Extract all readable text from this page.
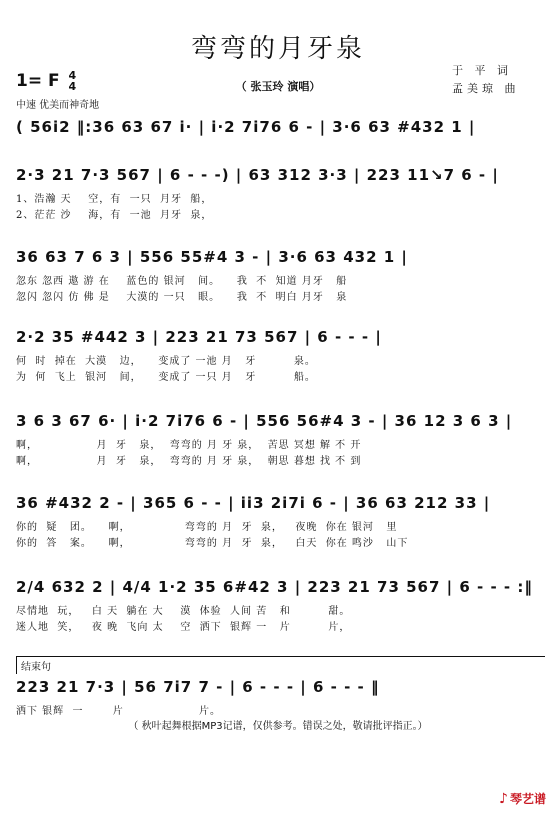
弯弯的月牙泉
1= F 4
4	（ 张玉玲 演唱）
于 平 词
孟美琼 曲
中速 优美而神奇地
( 56i2 ‖:36 63 67 i· | i·2 7i76 6 - | 3·6 63 #432 1 |
2·3 21 7·3 567 | 6 - - -) | 63 312 3·3 | 223 11↘7 6 - |
1、浩瀚 天    空，有  一只  月牙  船，
2、茫茫 沙    海，有  一池  月牙  泉，
36 63 7 6 3 | 556 55#4 3 - | 3·6 63 432 1 |
忽东 忽西 遨 游 在    蓝色的 银河   间。    我  不  知道 月牙   船
忽闪 忽闪 仿 佛 是    大漠的 一只   眼。    我  不  明白 月牙   泉
2·2 35 #442 3 | 223 21 73 567 | 6 - - - |
何  时  掉在  大漠   边，    变成了 一池 月   牙         泉。
为  何  飞上  银河   间，    变成了 一只 月   牙         船。
3 6 3 67 6· | i·2 7i76 6 - | 556 56#4 3 - | 36 12 3 6 3 |
啊，              月  牙   泉，  弯弯的 月 牙 泉，  苦思 冥想 解 不 开
啊，              月  牙   泉，  弯弯的 月 牙 泉，  朝思 暮想 找 不 到
36 #432 2 - | 365 6 - - | ii3 2i7i 6 - | 36 63 212 33 |
你的  疑   团。    啊，             弯弯的 月  牙  泉，   夜晚  你在 银河   里
你的  答   案。    啊，             弯弯的 月  牙  泉，   白天  你在 鸣沙   山下
2/4 632 2 | 4/4 1·2 35 6#42 3 | 223 21 73 567 | 6 - - - :‖
尽情地  玩，   白 天  躺在 大    漠  体验  人间 苦   和         甜。
迷人地  笑，   夜 晚  飞向 太    空  洒下  银辉 一   片         片，
结束句
223 21 7·3 | 56 7i7 7 - | 6 - - - | 6 - - - ‖
洒下 银辉  一       片                  片。
（ 秋叶起舞根据MP3记谱，仅供参考。错误之处，敬请批评指正。）
♪ 琴艺谱
